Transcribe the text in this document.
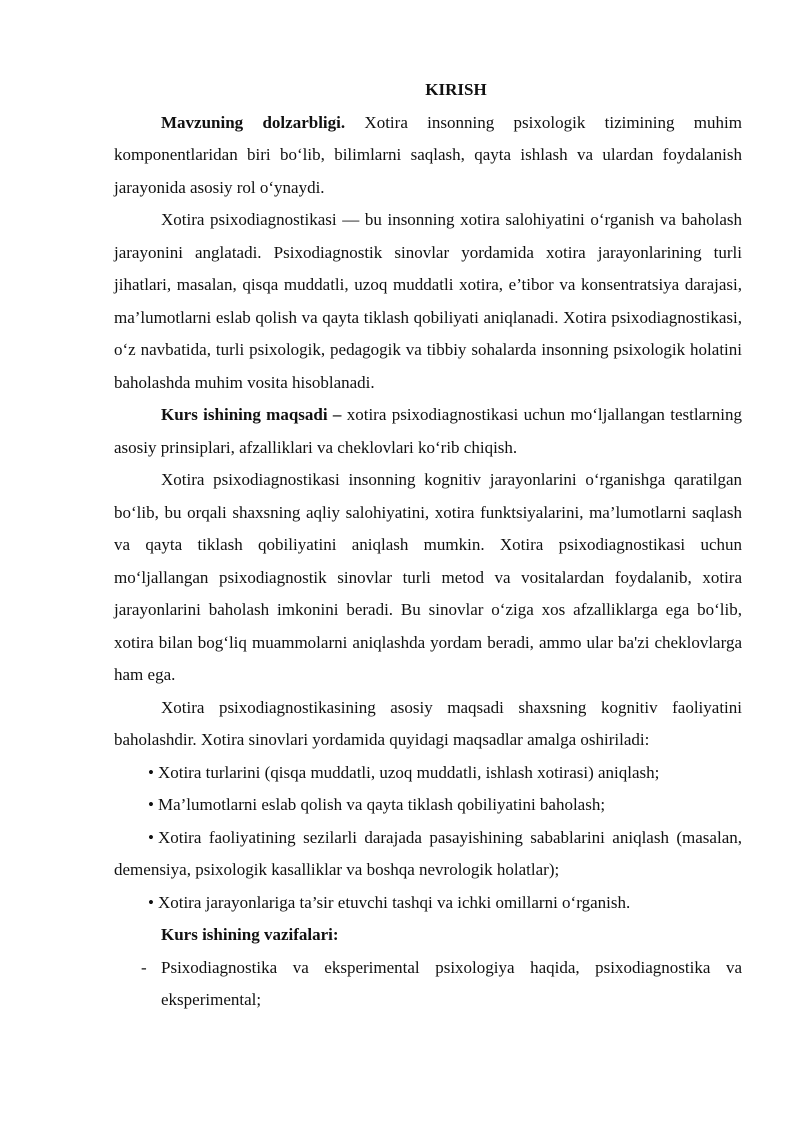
KIRISH

Mavzuning dolzarbligi. Xotira insonning psixologik tizimining muhim komponentlaridan biri bo‘lib, bilimlarni saqlash, qayta ishlash va ulardan foydalanish jarayonida asosiy rol o‘ynaydi.

Xotira psixodiagnostikasi — bu insonning xotira salohiyatini o‘rganish va baholash jarayonini anglatadi. Psixodiagnostik sinovlar yordamida xotira jarayonlarining turli jihatlari, masalan, qisqa muddatli, uzoq muddatli xotira, e’tibor va konsentratsiya darajasi, ma’lumotlarni eslab qolish va qayta tiklash qobiliyati aniqlanadi. Xotira psixodiagnostikasi, o‘z navbatida, turli psixologik, pedagogik va tibbiy sohalarda insonning psixologik holatini baholashda muhim vosita hisoblanadi.

Kurs ishining maqsadi – xotira psixodiagnostikasi uchun mo‘ljallangan testlarning asosiy prinsiplari, afzalliklari va cheklovlari ko‘rib chiqish.

Xotira psixodiagnostikasi insonning kognitiv jarayonlarini o‘rganishga qaratilgan bo‘lib, bu orqali shaxsning aqliy salohiyatini, xotira funktsiyalarini, ma’lumotlarni saqlash va qayta tiklash qobiliyatini aniqlash mumkin. Xotira psixodiagnostikasi uchun mo‘ljallangan psixodiagnostik sinovlar turli metod va vositalardan foydalanib, xotira jarayonlarini baholash imkonini beradi. Bu sinovlar o‘ziga xos afzalliklarga ega bo‘lib, xotira bilan bog‘liq muammolarni aniqlashda yordam beradi, ammo ular ba'zi cheklovlarga ham ega.

Xotira psixodiagnostikasining asosiy maqsadi shaxsning kognitiv faoliyatini baholashdir. Xotira sinovlari yordamida quyidagi maqsadlar amalga oshiriladi:

• Xotira turlarini (qisqa muddatli, uzoq muddatli, ishlash xotirasi) aniqlash;
• Ma’lumotlarni eslab qolish va qayta tiklash qobiliyatini baholash;
• Xotira faoliyatining sezilarli darajada pasayishining sabablarini aniqlash (masalan, demensiya, psixologik kasalliklar va boshqa nevrologik holatlar);
• Xotira jarayonlariga ta’sir etuvchi tashqi va ichki omillarni o‘rganish.

Kurs ishining vazifalari:

- Psixodiagnostika va eksperimental psixologiya haqida, psixodiagnostika va eksperimental;
